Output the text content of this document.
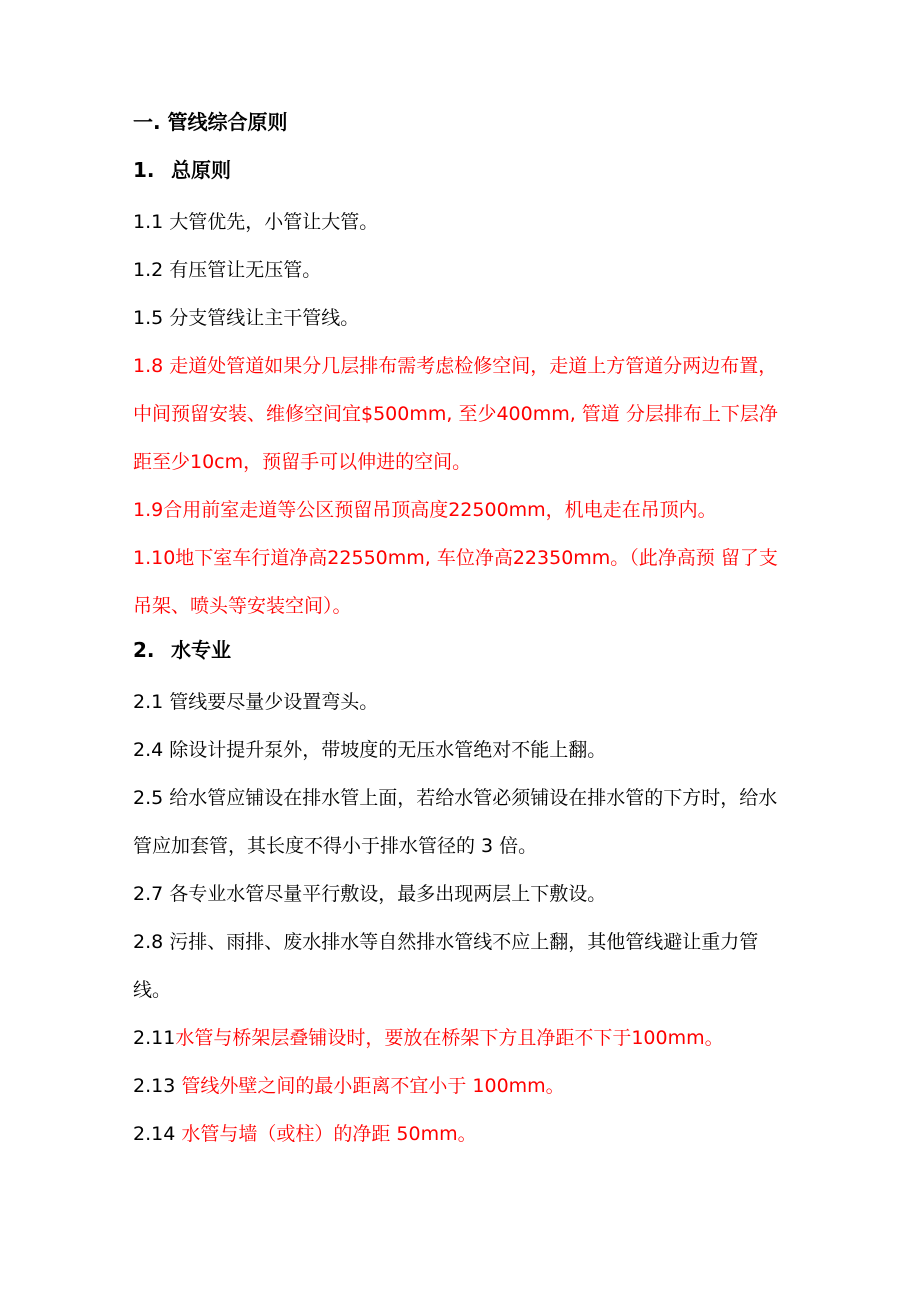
一. 管线综合原则
1. 总原则

1.1 大管优先，小管让大管。

1.2 有压管让无压管。

1.5 分支管线让主干管线。

1.8 走道处管道如果分几层排布需考虑检修空间，走道上方管道分两边布置，中间预留安装、维修空间宜$500mm, 至少400mm, 管道 分层排布上下层净距至少10cm，预留手可以伸进的空间。

1.9合用前室走道等公区预留吊顶高度22500mm，机电走在吊顶内。

1.10地下室车行道净高22550mm, 车位净高22350mm。（此净高预 留了支吊架、喷头等安装空间）。

2. 水专业

2.1 管线要尽量少设置弯头。

2.4 除设计提升泵外，带坡度的无压水管绝对不能上翻。

2.5 给水管应铺设在排水管上面，若给水管必须铺设在排水管的下方时，给水管应加套管，其长度不得小于排水管径的 3 倍。

2.7 各专业水管尽量平行敷设，最多出现两层上下敷设。

2.8 污排、雨排、废水排水等自然排水管线不应上翻，其他管线避让重力管线。

2.11水管与桥架层叠铺设时，要放在桥架下方且净距不下于100mm。

2.13 管线外壁之间的最小距离不宜小于 100mm。

2.14 水管与墙（或柱）的净距 50mm。
